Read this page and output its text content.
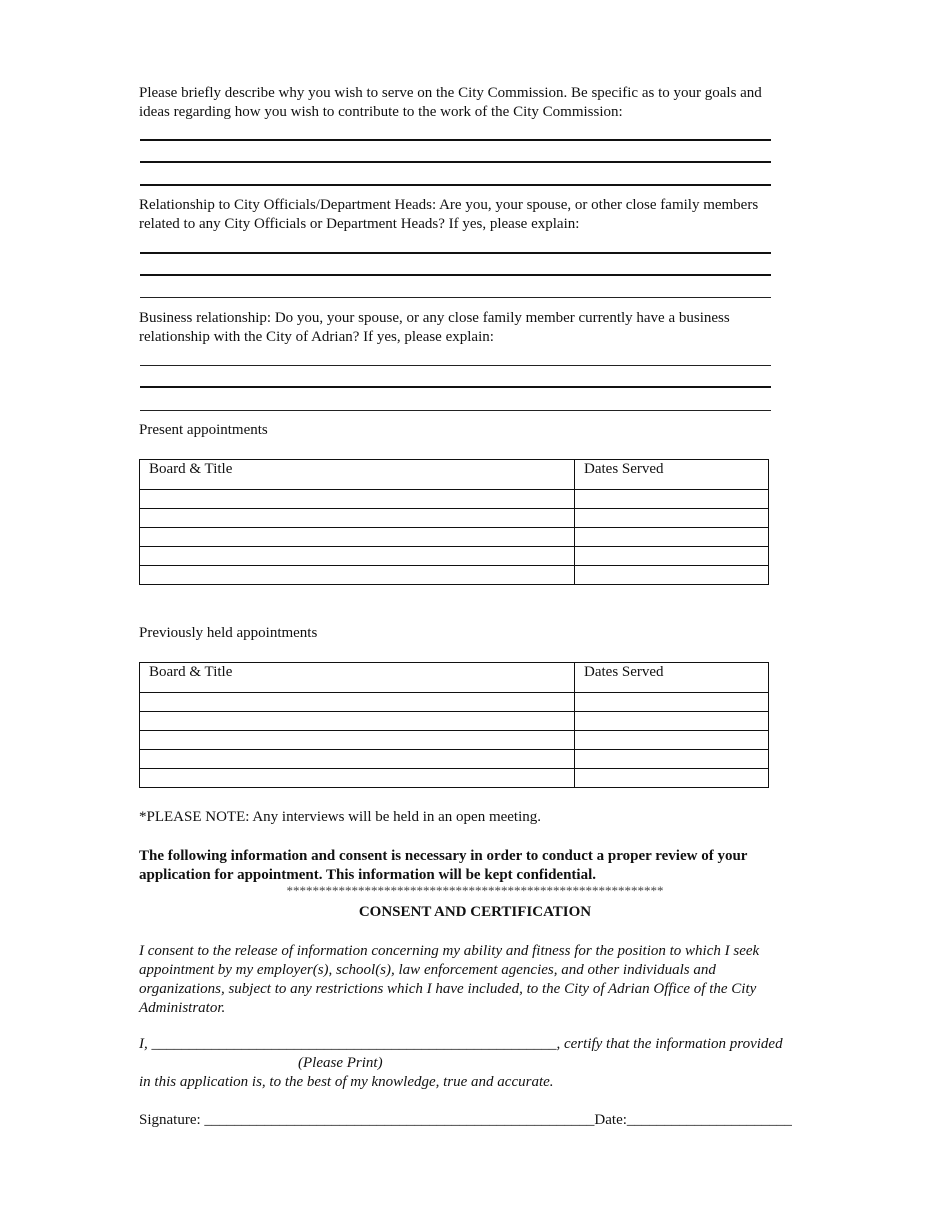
Please briefly describe why you wish to serve on the City Commission. Be specific as to your goals and
ideas regarding how you wish to contribute to the work of the City Commission:
Relationship to City Officials/Department Heads: Are you, your spouse, or other close family members
related to any City Officials or Department Heads? If yes, please explain:
Business relationship: Do you, your spouse, or any close family member currently have a business
relationship with the City of Adrian? If yes, please explain:
Present appointments
Board & Title	Dates Served

Previously held appointments
Board & Title	Dates Served

*PLEASE NOTE: Any interviews will be held in an open meeting.
The following information and consent is necessary in order to conduct a proper review of your
application for appointment. This information will be kept confidential.
**********************************************************
CONSENT AND CERTIFICATION
I consent to the release of information concerning my ability and fitness for the position to which I seek
appointment by my employer(s), school(s), law enforcement agencies, and other individuals and
organizations, subject to any restrictions which I have included, to the City of Adrian Office of the City
Administrator.
I, ______________________________________________________, certify that the information provided
(Please Print)
in this application is, to the best of my knowledge, true and accurate.
Signature: ____________________________________________________Date:______________________
